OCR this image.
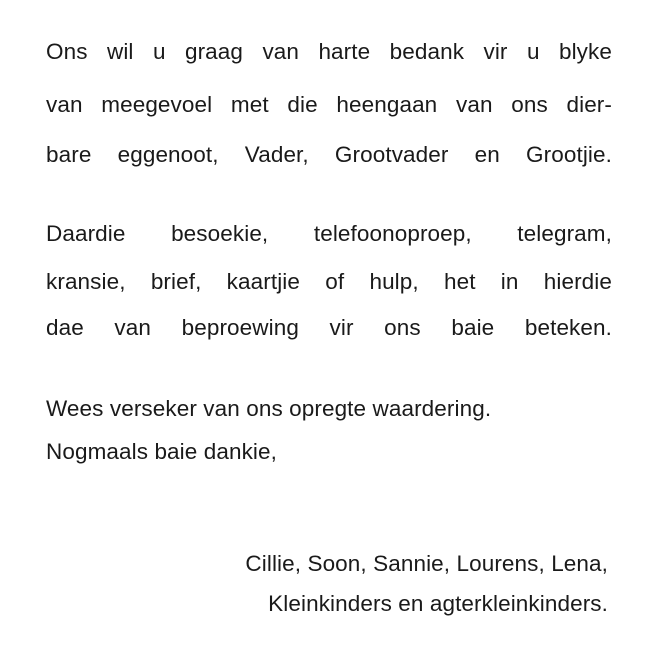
Ons wil u graag van harte bedank vir u blyke
van meegevoel met die heengaan van ons dier-
bare eggenoot, Vader, Grootvader en Grootjie.
Daardie besoekie, telefoonoproep, telegram,
kransie, brief, kaartjie of hulp, het in hierdie
dae van beproewing vir ons baie beteken.
Wees verseker van ons opregte waardering.
Nogmaals baie dankie,
Cillie, Soon, Sannie, Lourens, Lena,
Kleinkinders en agterkleinkinders.
